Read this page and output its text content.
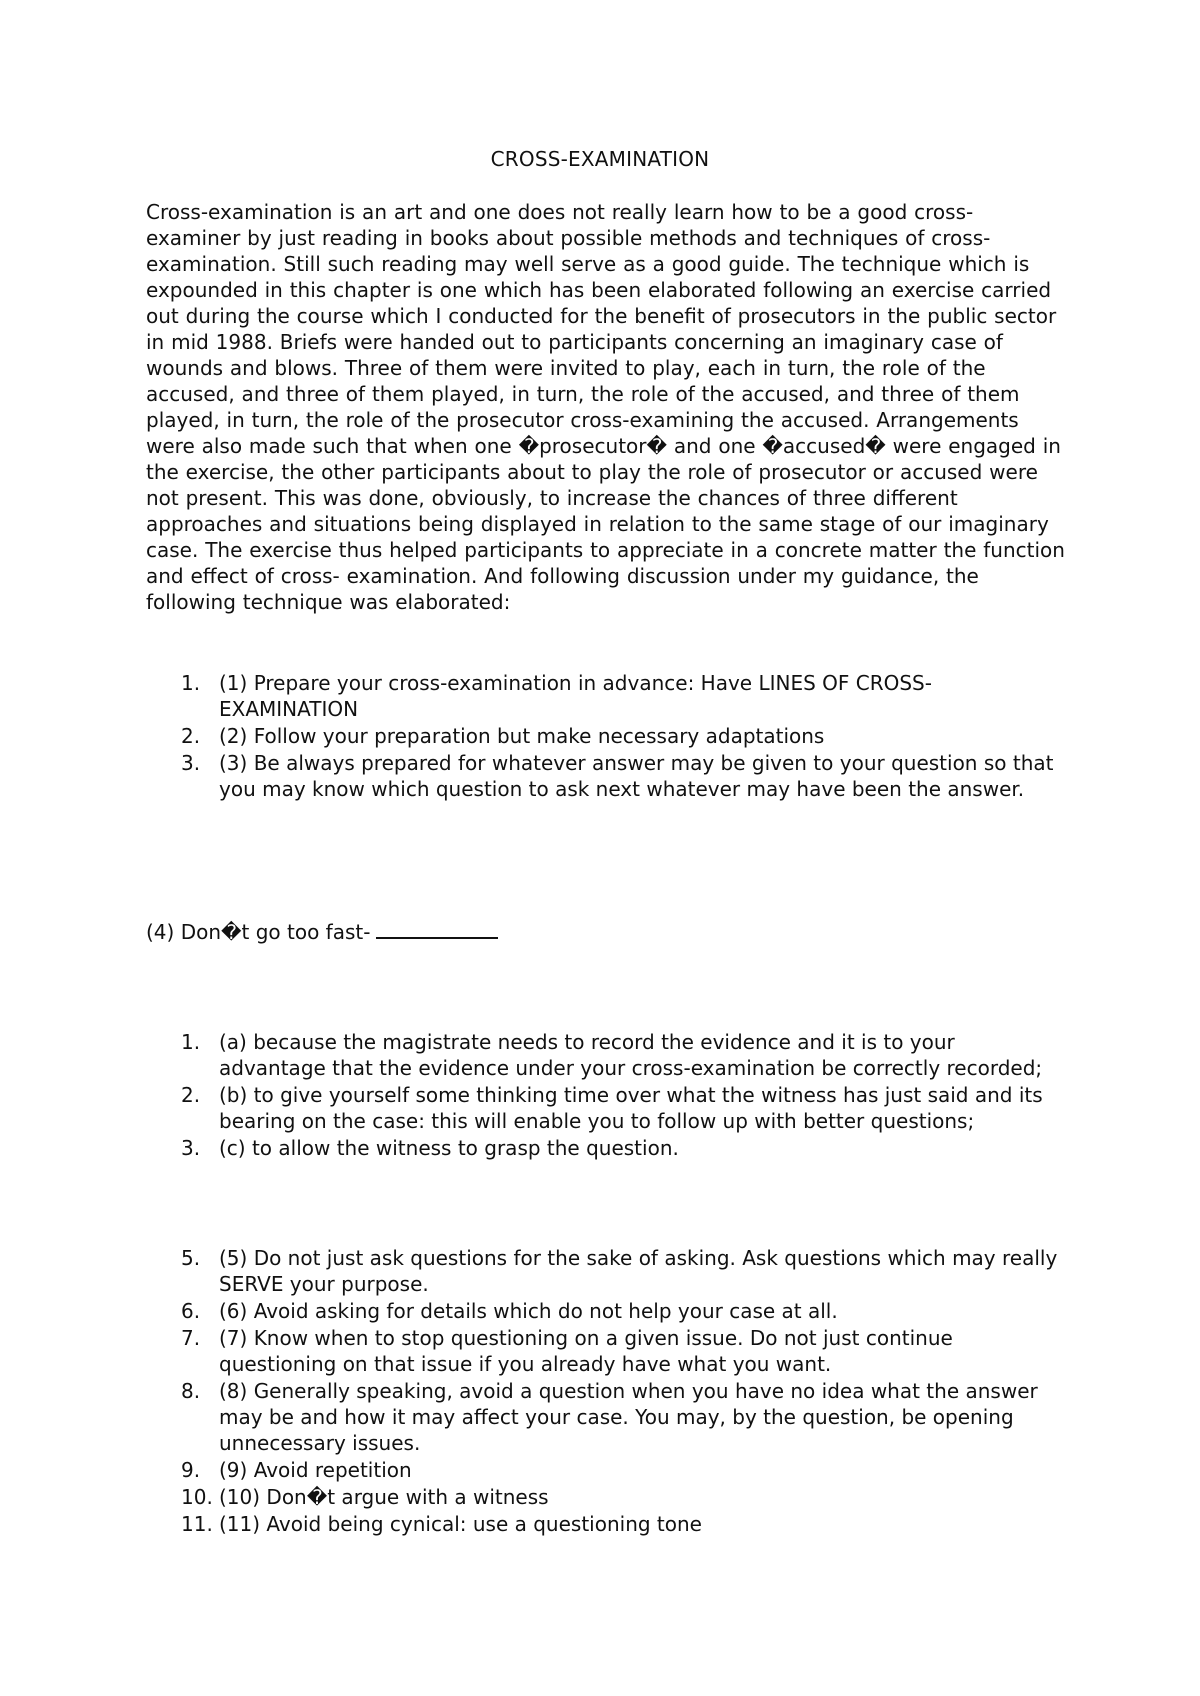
CROSS-EXAMINATION

Cross-examination is an art and one does not really learn how to be a good cross-examiner by just reading in books about possible methods and techniques of cross-examination. Still such reading may well serve as a good guide. The technique which is expounded in this chapter is one which has been elaborated following an exercise carried out during the course which I conducted for the benefit of prosecutors in the public sector in mid 1988. Briefs were handed out to participants concerning an imaginary case of wounds and blows. Three of them were invited to play, each in turn, the role of the accused, and three of them played, in turn, the role of the accused, and three of them played, in turn, the role of the prosecutor cross-examining the accused. Arrangements were also made such that when one �prosecutor� and one �accused� were engaged in the exercise, the other participants about to play the role of prosecutor or accused were not present. This was done, obviously, to increase the chances of three different approaches and situations being displayed in relation to the same stage of our imaginary case. The exercise thus helped participants to appreciate in a concrete matter the function and effect of cross- examination. And following discussion under my guidance, the following technique was elaborated:

1. (1) Prepare your cross-examination in advance: Have LINES OF CROSS-EXAMINATION
2. (2) Follow your preparation but make necessary adaptations
3. (3) Be always prepared for whatever answer may be given to your question so that you may know which question to ask next whatever may have been the answer.
(4) Don�t go too fast-
1. (a) because the magistrate needs to record the evidence and it is to your advantage that the evidence under your cross-examination be correctly recorded;
2. (b) to give yourself some thinking time over what the witness has just said and its bearing on the case: this will enable you to follow up with better questions;
3. (c) to allow the witness to grasp the question.
5. (5) Do not just ask questions for the sake of asking. Ask questions which may really SERVE your purpose.
6. (6) Avoid asking for details which do not help your case at all.
7. (7) Know when to stop questioning on a given issue. Do not just continue questioning on that issue if you already have what you want.
8. (8) Generally speaking, avoid a question when you have no idea what the answer may be and how it may affect your case. You may, by the question, be opening unnecessary issues.
9. (9) Avoid repetition
10. (10) Don�t argue with a witness
11. (11) Avoid being cynical: use a questioning tone
